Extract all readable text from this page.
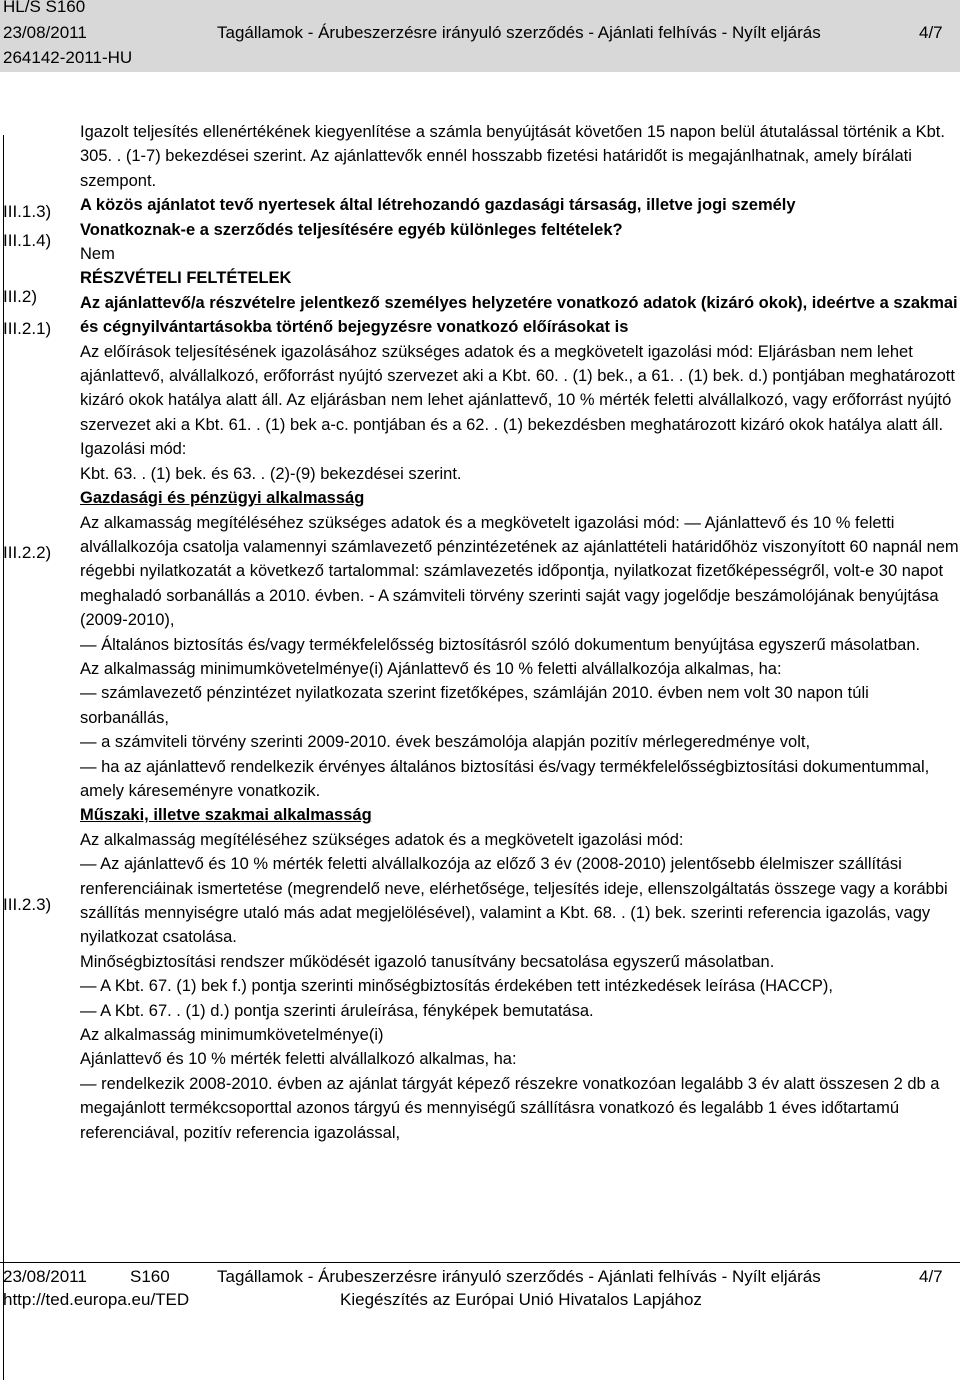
HL/S S160
23/08/2011	Tagállamok - Árubeszerzésre irányuló szerződés - Ajánlati felhívás - Nyílt eljárás	4/7
264142-2011-HU
III.1.3)
III.1.4)
III.2)
III.2.1)
III.2.2)
III.2.3)

Igazolt teljesítés ellenértékének kiegyenlítése a számla benyújtását követően 15 napon belül átutalással történik a Kbt. 305. . (1-7) bekezdései szerint. Az ajánlattevők ennél hosszabb fizetési határidőt is megajánlhatnak, amely bírálati szempont.

A közös ajánlatot tevő nyertesek által létrehozandó gazdasági társaság, illetve jogi személy

Vonatkoznak-e a szerződés teljesítésére egyéb különleges feltételek?

Nem

RÉSZVÉTELI FELTÉTELEK

Az ajánlattevő/a részvételre jelentkező személyes helyzetére vonatkozó adatok (kizáró okok), ideértve a szakmai és cégnyilvántartásokba történő bejegyzésre vonatkozó előírásokat is

Az előírások teljesítésének igazolásához szükséges adatok és a megkövetelt igazolási mód: Eljárásban nem lehet ajánlattevő, alvállalkozó, erőforrást nyújtó szervezet aki a Kbt. 60. . (1) bek., a 61. . (1) bek. d.) pontjában meghatározott kizáró okok hatálya alatt áll. Az eljárásban nem lehet ajánlattevő, 10 % mérték feletti alvállalkozó, vagy erőforrást nyújtó szervezet aki a Kbt. 61. . (1) bek a-c. pontjában és a 62. . (1) bekezdésben meghatározott kizáró okok hatálya alatt áll.

Igazolási mód:

Kbt. 63. . (1) bek. és 63. . (2)-(9) bekezdései szerint.

Gazdasági és pénzügyi alkalmasság

Az alkamasság megítéléséhez szükséges adatok és a megkövetelt igazolási mód: — Ajánlattevő és 10 % feletti alvállalkozója csatolja valamennyi számlavezető pénzintézetének az ajánlattételi határidőhöz viszonyított 60 napnál nem régebbi nyilatkozatát a következő tartalommal: számlavezetés időpontja, nyilatkozat fizetőképességről, volt-e 30 napot meghaladó sorbanállás a 2010. évben. - A számviteli törvény szerinti saját vagy jogelődje beszámolójának benyújtása (2009-2010),

— Általános biztosítás és/vagy termékfelelősség biztosításról szóló dokumentum benyújtása egyszerű másolatban.

Az alkalmasság minimumkövetelménye(i) Ajánlattevő és 10 % feletti alvállalkozója alkalmas, ha:

— számlavezető pénzintézet nyilatkozata szerint fizetőképes, számláján 2010. évben nem volt 30 napon túli sorbanállás,

— a számviteli törvény szerinti 2009-2010. évek beszámolója alapján pozitív mérlegeredménye volt,

— ha az ajánlattevő rendelkezik érvényes általános biztosítási és/vagy termékfelelősségbiztosítási dokumentummal, amely káreseményre vonatkozik.

Műszaki, illetve szakmai alkalmasság

Az alkalmasság megítéléséhez szükséges adatok és a megkövetelt igazolási mód:

— Az ajánlattevő és 10 % mérték feletti alvállalkozója az előző 3 év (2008-2010) jelentősebb élelmiszer szállítási renferenciáinak ismertetése (megrendelő neve, elérhetősége, teljesítés ideje, ellenszolgáltatás összege vagy a korábbi szállítás mennyiségre utaló más adat megjelölésével), valamint a Kbt. 68. . (1) bek. szerinti referencia igazolás, vagy nyilatkozat csatolása.

Minőségbiztosítási rendszer működését igazoló tanusítvány becsatolása egyszerű másolatban.

— A Kbt. 67. (1) bek f.) pontja szerinti minőségbiztosítás érdekében tett intézkedések leírása (HACCP),

— A Kbt. 67. . (1) d.) pontja szerinti áruleírása, fényképek bemutatása.

Az alkalmasság minimumkövetelménye(i)

Ajánlattevő és 10 % mérték feletti alvállalkozó alkalmas, ha:

— rendelkezik 2008-2010. évben az ajánlat tárgyát képező részekre vonatkozóan legalább 3 év alatt összesen 2 db a megajánlott termékcsoporttal azonos tárgyú és mennyiségű szállításra vonatkozó és legalább 1 éves időtartamú referenciával, pozitív referencia igazolással,

23/08/2011	S160	Tagállamok - Árubeszerzésre irányuló szerződés - Ajánlati felhívás - Nyílt eljárás	4/7
http://ted.europa.eu/TED	Kiegészítés az Európai Unió Hivatalos Lapjához
